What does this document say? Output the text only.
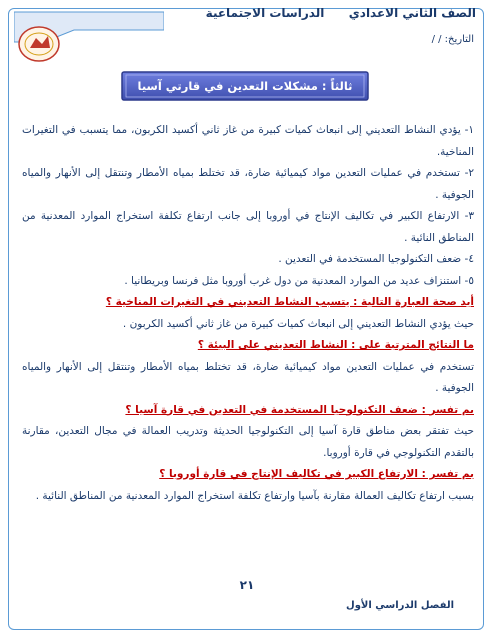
الدراسات الاجتماعية	الصف الثاني الاعدادي
التاريخ: / /
ثالثاً : مشكلات التعدين في قارتي آسيا وأوروبا

١- يؤدي النشاط التعديني إلى انبعاث كميات كبيرة من غاز ثاني أكسيد الكربون، مما يتسبب في التغيرات المناخية.

٢- تستخدم في عمليات التعدين مواد كيميائية ضارة، قد تختلط بمياه الأمطار وتنتقل إلى الأنهار والمياه الجوفية .

٣- الارتفاع الكبير في تكاليف الإنتاج في أوروبا إلى جانب ارتفاع تكلفة استخراج الموارد المعدنية من المناطق النائية .

٤- ضعف التكنولوجيا المستخدمة في التعدين .

٥- استنزاف عديد من الموارد المعدنية من دول غرب أوروبا مثل فرنسا وبريطانيا .

أيد صحة العبارة التالية : يتسبب النشاط التعديني في التغيرات المناخية ؟

حيث يؤدي النشاط التعديني إلى انبعاث كميات كبيرة من غاز ثاني أكسيد الكربون .

ما النتائج المترتبة على : النشاط التعديني على البيئة ؟

تستخدم في عمليات التعدين مواد كيميائية ضارة، قد تختلط بمياه الأمطار وتنتقل إلى الأنهار والمياه الجوفية .

بم تفسر : ضعف التكنولوجيا المستخدمة في التعدين في قارة آسيا ؟

حيث تفتقر بعض مناطق قارة آسيا إلى التكنولوجيا الحديثة وتدريب العمالة في مجال التعدين، مقارنة بالتقدم التكنولوجي في قارة أوروبا.

بم تفسر : الارتفاع الكبير في تكاليف الإنتاج في قارة أوروبا ؟

بسبب ارتفاع تكاليف العمالة مقارنة بآسيا وارتفاع تكلفة استخراج الموارد المعدنية من المناطق النائية .

٢١
الفصل الدراسي الأول
